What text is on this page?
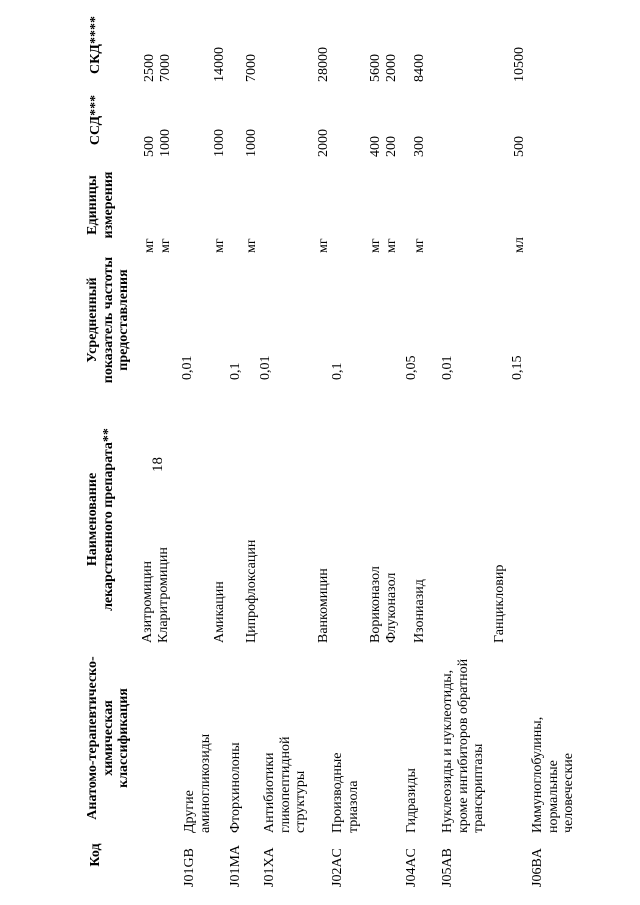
18
Код
Анатомо-терапевтическо-химическая классификация
Наименование лекарственного препарата**
Усредненный показатель частоты предоставления
Единицы измерения
ССД***
СКД****
J01GB
Другие аминогликозиды
Азитромицин Кларитромицин
0,01
мг мг
500 1000
2500 7000
J01MA
Фторхинолоны
Амикацин
0,1
мг
1000
14000
J01XA
Антибиотики гликопептидной структуры
Ципрофлоксацин
0,01
мг
1000
7000
J02AC
Производные триазола
Ванкомицин
0,1
мг
2000
28000
Вориконазол Флуконазол
мг мг
400 200
5600 2000
J04AC
Гидразиды
Изониазид
0,05
мг
300
8400
J05AB
Нуклеозиды и нуклеотиды, кроме ингибиторов обратной транскриптазы
0,01
Ганцикловир
0,15
мл
500
10500
J06BA
Иммуноглобулины, нормальные человеческие
